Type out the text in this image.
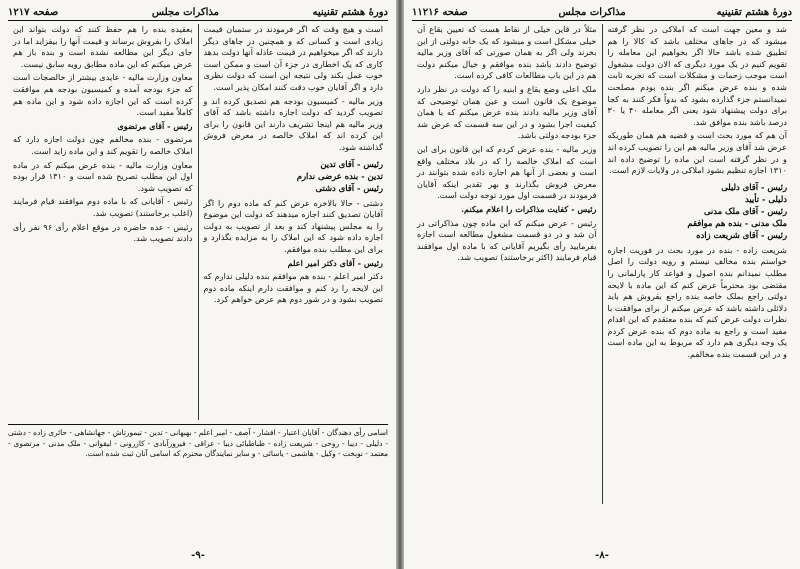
دورهٔ هشتم تقنینیه
مذاکرات مجلس
صفحه ۱۱۲۱۶

شد و معین جهت است که املاکی در نظر گرفته میشود که در جاهای مختلف باشد که کالا را هم تطبیق شده باشد حالا اگر بخواهیم این معامله را تقویم کنیم در یک مورد دیگری که الان دولت مشغول است موجب زحمات و مشکلات است که تجربه ثابت شده و بنده عرض میکنم اگر بنده بودم مصلحت نمیدانستم جزء گذارده بشود که بدواً فکر کنند به کجا برای دولت پیشنهاد شود یعنی اگر معامله ۴۰ یا ۳۰ درصد باشد بنده موافق شد.

آن هم که مورد بحث است و قضیه هم همان طوریکه عرض شد آقای وزیر مالیه هم این را تصویب کرده اند و در نظر گرفته است این ماده را توضیح داده اند ۱۳۱۰ اجازه تنظیم بشود املاکی در ولایات لازم است.

رئیس - آقای دلیلی
دلیلی - تأیید
رئیس - آقای ملک مدنی
ملک مدنی - بنده هم موافقم
رئیس - آقای شریعت زاده

شریعت زاده - بنده در مورد بحث در فوریت اجازه خواستم بنده مخالف نیستم و رویه دولت را اصل مطلب نمیدانم بنده اصول و قواعد کار پارلمانی را مقتضی بود محترماً عرض کنم که این ماده با لایحه دولتی راجع بملک خاصه بنده راجع بفروش هم باید دلائلی داشته باشد که عرض میکنم از برای موافقت با نظرات دولت عرض کنم که بنده معتقدم که این اقدام مفید است و راجع به ماده دوم که بنده عرض کردم یک وجه دیگری هم دارد که مربوط به این ماده است و در این قسمت بنده مخالفم.

مثلاً در قاین خیلی از نقاط هست که تعیین بقاع آن خیلی مشکل است و میشود که یک خانه دولتی از این بخرند ولی اگر به همان صورتی که آقای وزیر مالیه توضیح دادند باشد بنده موافقم و خیال میکنم دولت هم در این باب مطالعات کافی کرده است.

ملک اعلی وضع بقاع و ابنیه را که دولت در نظر دارد موضوع یک قانون است و عین همان توضیحی که آقای وزیر مالیه دادند بنده عرض میکنم که با همان کیفیت اجرا بشود و در این سه قسمت که عرض شد جزء بودجه دولتی باشد.

وزیر مالیه - بنده عرض کردم که این قانون برای این است که املاک خالصه را که در بلاد مختلف واقع است و بعضی از آنها هم اجاره داده شده بتوانند در معرض فروش بگذارند و بهر تقدیر اینکه آقایان فرمودند در قسمت اول مورد توجه دولت است.

رئیس - کفایت مذاکرات را اعلام میکنم.

رئیس - عرض میکنم که این ماده چون مذاکراتی در آن شد و در دو قسمت مشغول مطالعه است اجازه بفرمایید رأی بگیریم آقایانی که با ماده اول موافقند قیام فرمایند (اکثر برخاستند) تصویب شد.

-۸-
دورهٔ هشتم تقنینیه
مذاکرات مجلس
صفحه ۱۲۱۷

است و هیچ وقت که اگر فرمودند در ستمبان قیمت زیادی است و کسانی که و همچنین در جاهای دیگر دارند که اگر میخواهیم در قیمت عادله آنها دولت بدهد کاری که یک اخطاری در جزء آن است و ممکن است خوب عمل بکند ولی نتیجه این است که دولت نظری دارد و اگر آقایان خوب دقت کنند امکان پذیر است.

وزیر مالیه - کمیسیون بودجه هم تصدیق کرده اند و تصویب گردید که دولت اجازه داشته باشد که آقای وزیر مالیه هم اینجا تشریف دارند این قانون را برای این کرده اند که املاک خالصه در معرض فروش گذاشته شود.

رئیس - آقای تدین
تدین - بنده عرضی ندارم
رئیس - آقای دشتی

دشتی - حالا بالاخره عرض کنم که ماده دوم را اگر آقایان تصدیق کنند اجازه میدهند که دولت این موضوع را به مجلس پیشنهاد کند و بعد از تصویب به دولت اجازه داده شود که این املاک را به مزایده بگذارد و برای این مطلب بنده موافقم.

رئیس - آقای دکتر امیر اعلم

دکتر امیر اعلم - بنده هم موافقم بنده دلیلی ندارم که این لایحه را رد کنم و موافقت دارم اینکه ماده دوم تصویب بشود و در شور دوم هم عرض خواهم کرد.

بعقیده بنده را هم حفظ کنند که دولت بتواند این املاک را بفروش برساند و قیمت آنها را بیفزاید اما در جای دیگر این مطالعه نشده است و بنده باز هم عرض میکنم که این ماده مطابق رویه سابق نیست.

معاون وزارت مالیه - عایدی بیشتر از خالصجات است که جزء بودجه آمده و کمیسیون بودجه هم موافقت کرده است که این اجازه داده شود و این ماده هم کاملاً مفید است.

رئیس - آقای مرتضوی

مرتضوی - بنده مخالفم چون دولت اجازه دارد که املاک خالصه را تقویم کند و این ماده زاید است.

معاون وزارت مالیه - بنده عرض میکنم که در ماده اول این مطلب تصریح شده است و ۱۳۱۰ قرار بوده که تصویب شود.

رئیس - آقایانی که با ماده دوم موافقند قیام فرمایند (اغلب برخاستند) تصویب شد.

رئیس - عده حاضره در موقع اعلام رأی ۹۶ نفر رأی دادند تصویب شد.

اسامی رأی دهندگان - آقایان اعتبار - افشار - آصف - امیر اعلم - بهبهانی - تدین - تیمورتاش - جهانشاهی - حائری زاده - دشتی - دلیلی - دیبا - روحی - شریعت زاده - طباطبائی دیبا - عراقی - فیروزآبادی - کازرونی - لیقوانی - ملک مدنی - مرتضوی - معتمد - نوبخت - وکیل - هاشمی - یاسائی - و سایر نمایندگان محترم که اسامی آنان ثبت شده است.
-۹-
